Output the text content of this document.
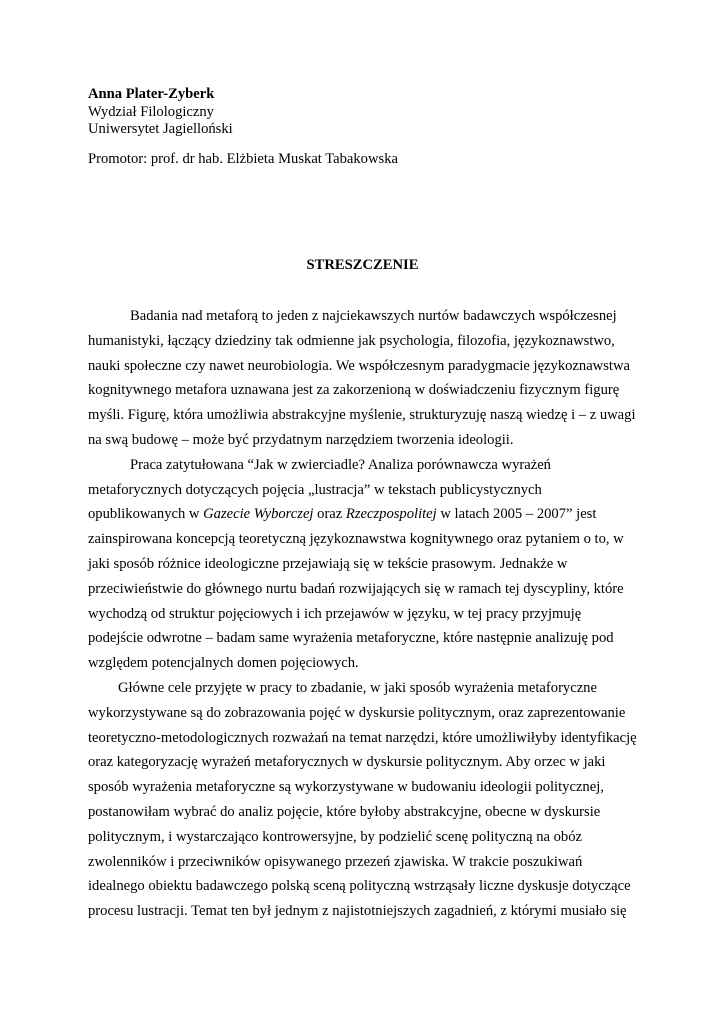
Anna Plater-Zyberk
Wydział Filologiczny
Uniwersytet Jagielloński
Promotor: prof. dr hab. Elżbieta Muskat Tabakowska
STRESZCZENIE
Badania nad metaforą to jeden z najciekawszych nurtów badawczych współczesnej
humanistyki, łączący dziedziny tak odmienne jak psychologia, filozofia, językoznawstwo,
nauki społeczne czy nawet neurobiologia. We współczesnym paradygmacie językoznawstwa
kognitywnego metafora uznawana jest za zakorzenioną w doświadczeniu fizycznym figurę
myśli. Figurę, która umożliwia abstrakcyjne myślenie, strukturyzuję naszą wiedzę i – z uwagi
na swą budowę – może być przydatnym narzędziem tworzenia ideologii.
Praca zatytułowana “Jak w zwierciadle? Analiza porównawcza wyrażeń
metaforycznych dotyczących pojęcia „lustracja” w tekstach publicystycznych
opublikowanych w Gazecie Wyborczej oraz Rzeczpospolitej w latach 2005 – 2007” jest
zainspirowana koncepcją teoretyczną językoznawstwa kognitywnego oraz pytaniem o to, w
jaki sposób różnice ideologiczne przejawiają się w tekście prasowym. Jednakże w
przeciwieństwie do głównego nurtu badań rozwijających się w ramach tej dyscypliny, które
wychodzą od struktur pojęciowych i ich przejawów w języku, w tej pracy przyjmuję
podejście odwrotne – badam same wyrażenia metaforyczne, które następnie analizuję pod
względem potencjalnych domen pojęciowych.
Główne cele przyjęte w pracy to zbadanie, w jaki sposób wyrażenia metaforyczne
wykorzystywane są do zobrazowania pojęć w dyskursie politycznym, oraz zaprezentowanie
teoretyczno-metodologicznych rozważań na temat narzędzi, które umożliwiłyby identyfikację
oraz kategoryzację wyrażeń metaforycznych w dyskursie politycznym. Aby orzec w jaki
sposób wyrażenia metaforyczne są wykorzystywane w budowaniu ideologii politycznej,
postanowiłam wybrać do analiz pojęcie, które byłoby abstrakcyjne, obecne w dyskursie
politycznym, i wystarczająco kontrowersyjne, by podzielić scenę polityczną na obóz
zwolenników i przeciwników opisywanego przezeń zjawiska. W trakcie poszukiwań
idealnego obiektu badawczego polską sceną polityczną wstrząsały liczne dyskusje dotyczące
procesu lustracji. Temat ten był jednym z najistotniejszych zagadnień, z którymi musiało się
